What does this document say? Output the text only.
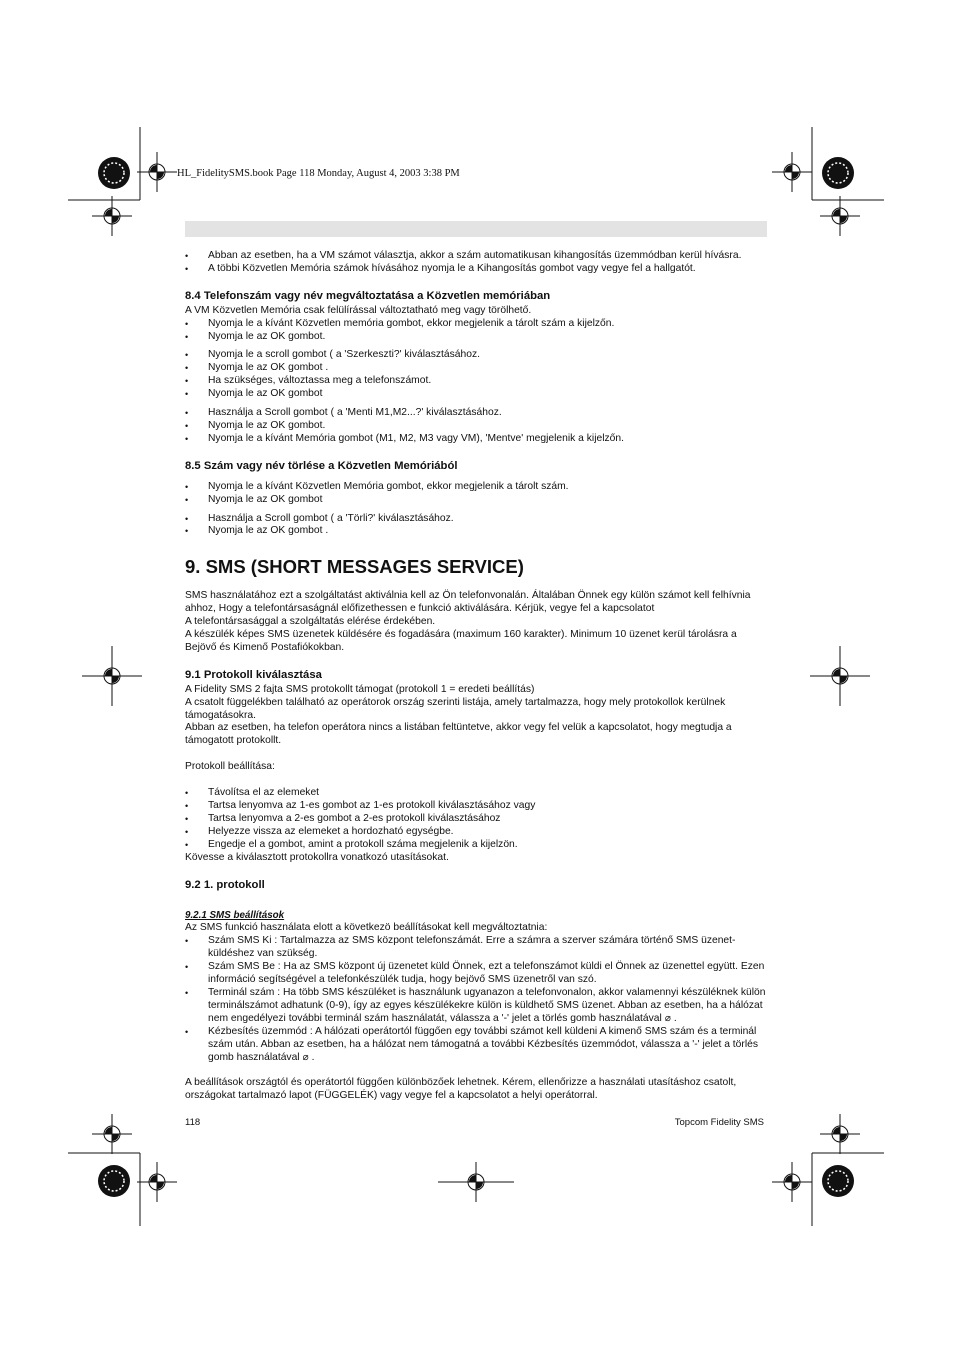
HL_FidelitySMS.book Page 118 Monday, August 4, 2003 3:38 PM
• Abban az esetben, ha a VM számot választja, akkor a szám automatikusan kihangosítás üzemmódban kerül hívásra.
• A többi Közvetlen Memória számok hívásához nyomja le a Kihangosítás gombot vagy vegye fel a hallgatót.
8.4 Telefonszám vagy név megváltoztatása a Közvetlen memóriában
A VM Közvetlen Memória csak felülírással változtatható meg vagy törölhető.
• Nyomja le a kívánt Közvetlen memória gombot, ekkor megjelenik a tárolt szám a kijelzőn.
• Nyomja le az OK gombot.
• Nyomja le a scroll gombot ( a 'Szerkeszti?' kiválasztásához.
• Nyomja le az OK gombot .
• Ha szükséges, változtassa meg a telefonszámot.
• Nyomja le az OK gombot
• Használja a Scroll gombot ( a 'Menti M1,M2...?' kiválasztásához.
• Nyomja le az OK gombot.
• Nyomja le a kívánt Memória gombot (M1, M2, M3 vagy VM), 'Mentve' megjelenik a kijelzőn.
8.5 Szám vagy név törlése a Közvetlen Memóriából
• Nyomja le a kívánt Közvetlen Memória gombot, ekkor megjelenik a tárolt szám.
• Nyomja le az OK gombot
• Használja a Scroll gombot ( a 'Törli?' kiválasztásához.
• Nyomja le az OK gombot .
9. SMS (SHORT MESSAGES SERVICE)
SMS használatához ezt a szolgáltatást aktiválnia kell az Ön telefonvonalán. Általában Önnek egy külön számot kell felhívnia ahhoz, Hogy a telefontársaságnál előfizethessen e funkció aktiválására. Kérjük, vegye fel a kapcsolatot
A telefontársasággal a szolgáltatás elérése érdekében.
A készülék képes SMS üzenetek küldésére és fogadására (maximum 160 karakter). Minimum 10 üzenet kerül tárolásra a Bejövő és Kimenő Postafiókokban.
9.1 Protokoll kiválasztása
A Fidelity SMS 2 fajta SMS protokollt támogat (protokoll 1 = eredeti beállítás)
A csatolt függelékben található az operátorok ország szerinti listája, amely tartalmazza, hogy mely protokollok kerülnek támogatásokra.
Abban az esetben, ha telefon operátora nincs a listában feltüntetve, akkor vegy fel velük a kapcsolatot, hogy megtudja a támogatott protokollt.
Protokoll beállítása:
• Távolítsa el az elemeket
• Tartsa lenyomva az 1-es gombot az 1-es protokoll kiválasztásához vagy
• Tartsa lenyomva a 2-es gombot a 2-es protokoll kiválasztásához
• Helyezze vissza az elemeket a hordozható egységbe.
• Engedje el a gombot, amint a protokoll száma megjelenik a kijelzön.
Kövesse a kiválasztott protokollra vonatkozó utasításokat.
9.2 1. protokoll
9.2.1 SMS beállítások
Az SMS funkció használata elott a következö beállításokat kell megváltoztatnia:
• Szám SMS Ki : Tartalmazza az SMS központ telefonszámát. Erre a számra a szerver számára történő SMS üzenet-küldéshez van szükség.
• Szám SMS Be : Ha az SMS központ új üzenetet küld Önnek, ezt a telefonszámot küldi el Önnek az üzenettel együtt. Ezen információ segítségével a telefonkészülék tudja, hogy bejövő SMS üzenetről van szó.
• Terminál szám : Ha több SMS készüléket is használunk ugyanazon a telefonvonalon, akkor valamennyi készüléknek külön terminálszámot adhatunk (0-9), így az egyes készülékekre külön is küldhető SMS üzenet. Abban az esetben, ha a hálózat nem engedélyezi további terminál szám használatát, válassza a '-' jelet a törlés gomb használatával ⌀ .
• Kézbesítés üzemmód : A hálózati operátortól függően egy további számot kell küldeni A kimenő SMS szám és a terminál szám után. Abban az esetben, ha a hálózat nem támogatná a további Kézbesítés üzemmódot, válassza a '-' jelet a törlés gomb használatával ⌀ .
A beállítások országtól és operátortól függően különbözőek lehetnek. Kérem, ellenőrizze a használati utasításhoz csatolt, országokat tartalmazó lapot (FÜGGELÉK) vagy vegye fel a kapcsolatot a helyi operátorral.
118	Topcom Fidelity SMS
